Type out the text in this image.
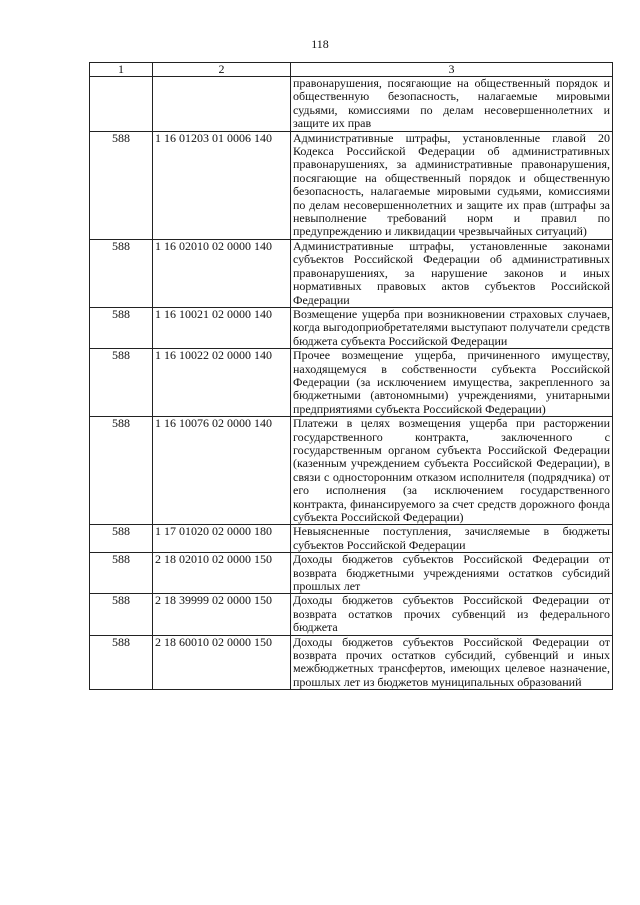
118
1	2	3
		правонарушения, посягающие на общественный порядок и общественную безопасность, налагаемые мировыми судьями, комиссиями по делам несовершеннолетних и защите их прав
588	1 16 01203 01 0006 140	Административные штрафы, установленные главой 20 Кодекса Российской Федерации об административных правонарушениях, за административные правонарушения, посягающие на общественный порядок и общественную безопасность, налагаемые мировыми судьями, комиссиями по делам несовершеннолетних и защите их прав (штрафы за невыполнение требований норм и правил по предупреждению и ликвидации чрезвычайных ситуаций)
588	1 16 02010 02 0000 140	Административные штрафы, установленные законами субъектов Российской Федерации об административных правонарушениях, за нарушение законов и иных нормативных правовых актов субъектов Российской Федерации
588	1 16 10021 02 0000 140	Возмещение ущерба при возникновении страховых случаев, когда выгодоприобретателями выступают получатели средств бюджета субъекта Российской Федерации
588	1 16 10022 02 0000 140	Прочее возмещение ущерба, причиненного имуществу, находящемуся в собственности субъекта Российской Федерации (за исключением имущества, закрепленного за бюджетными (автономными) учреждениями, унитарными предприятиями субъекта Российской Федерации)
588	1 16 10076 02 0000 140	Платежи в целях возмещения ущерба при расторжении государственного контракта, заключенного с государственным органом субъекта Российской Федерации (казенным учреждением субъекта Российской Федерации), в связи с односторонним отказом исполнителя (подрядчика) от его исполнения (за исключением государственного контракта, финансируемого за счет средств дорожного фонда субъекта Российской Федерации)
588	1 17 01020 02 0000 180	Невыясненные поступления, зачисляемые в бюджеты субъектов Российской Федерации
588	2 18 02010 02 0000 150	Доходы бюджетов субъектов Российской Федерации от возврата бюджетными учреждениями остатков субсидий прошлых лет
588	2 18 39999 02 0000 150	Доходы бюджетов субъектов Российской Федерации от возврата остатков прочих субвенций из федерального бюджета
588	2 18 60010 02 0000 150	Доходы бюджетов субъектов Российской Федерации от возврата прочих остатков субсидий, субвенций и иных межбюджетных трансфертов, имеющих целевое назначение, прошлых лет из бюджетов муниципальных образований
